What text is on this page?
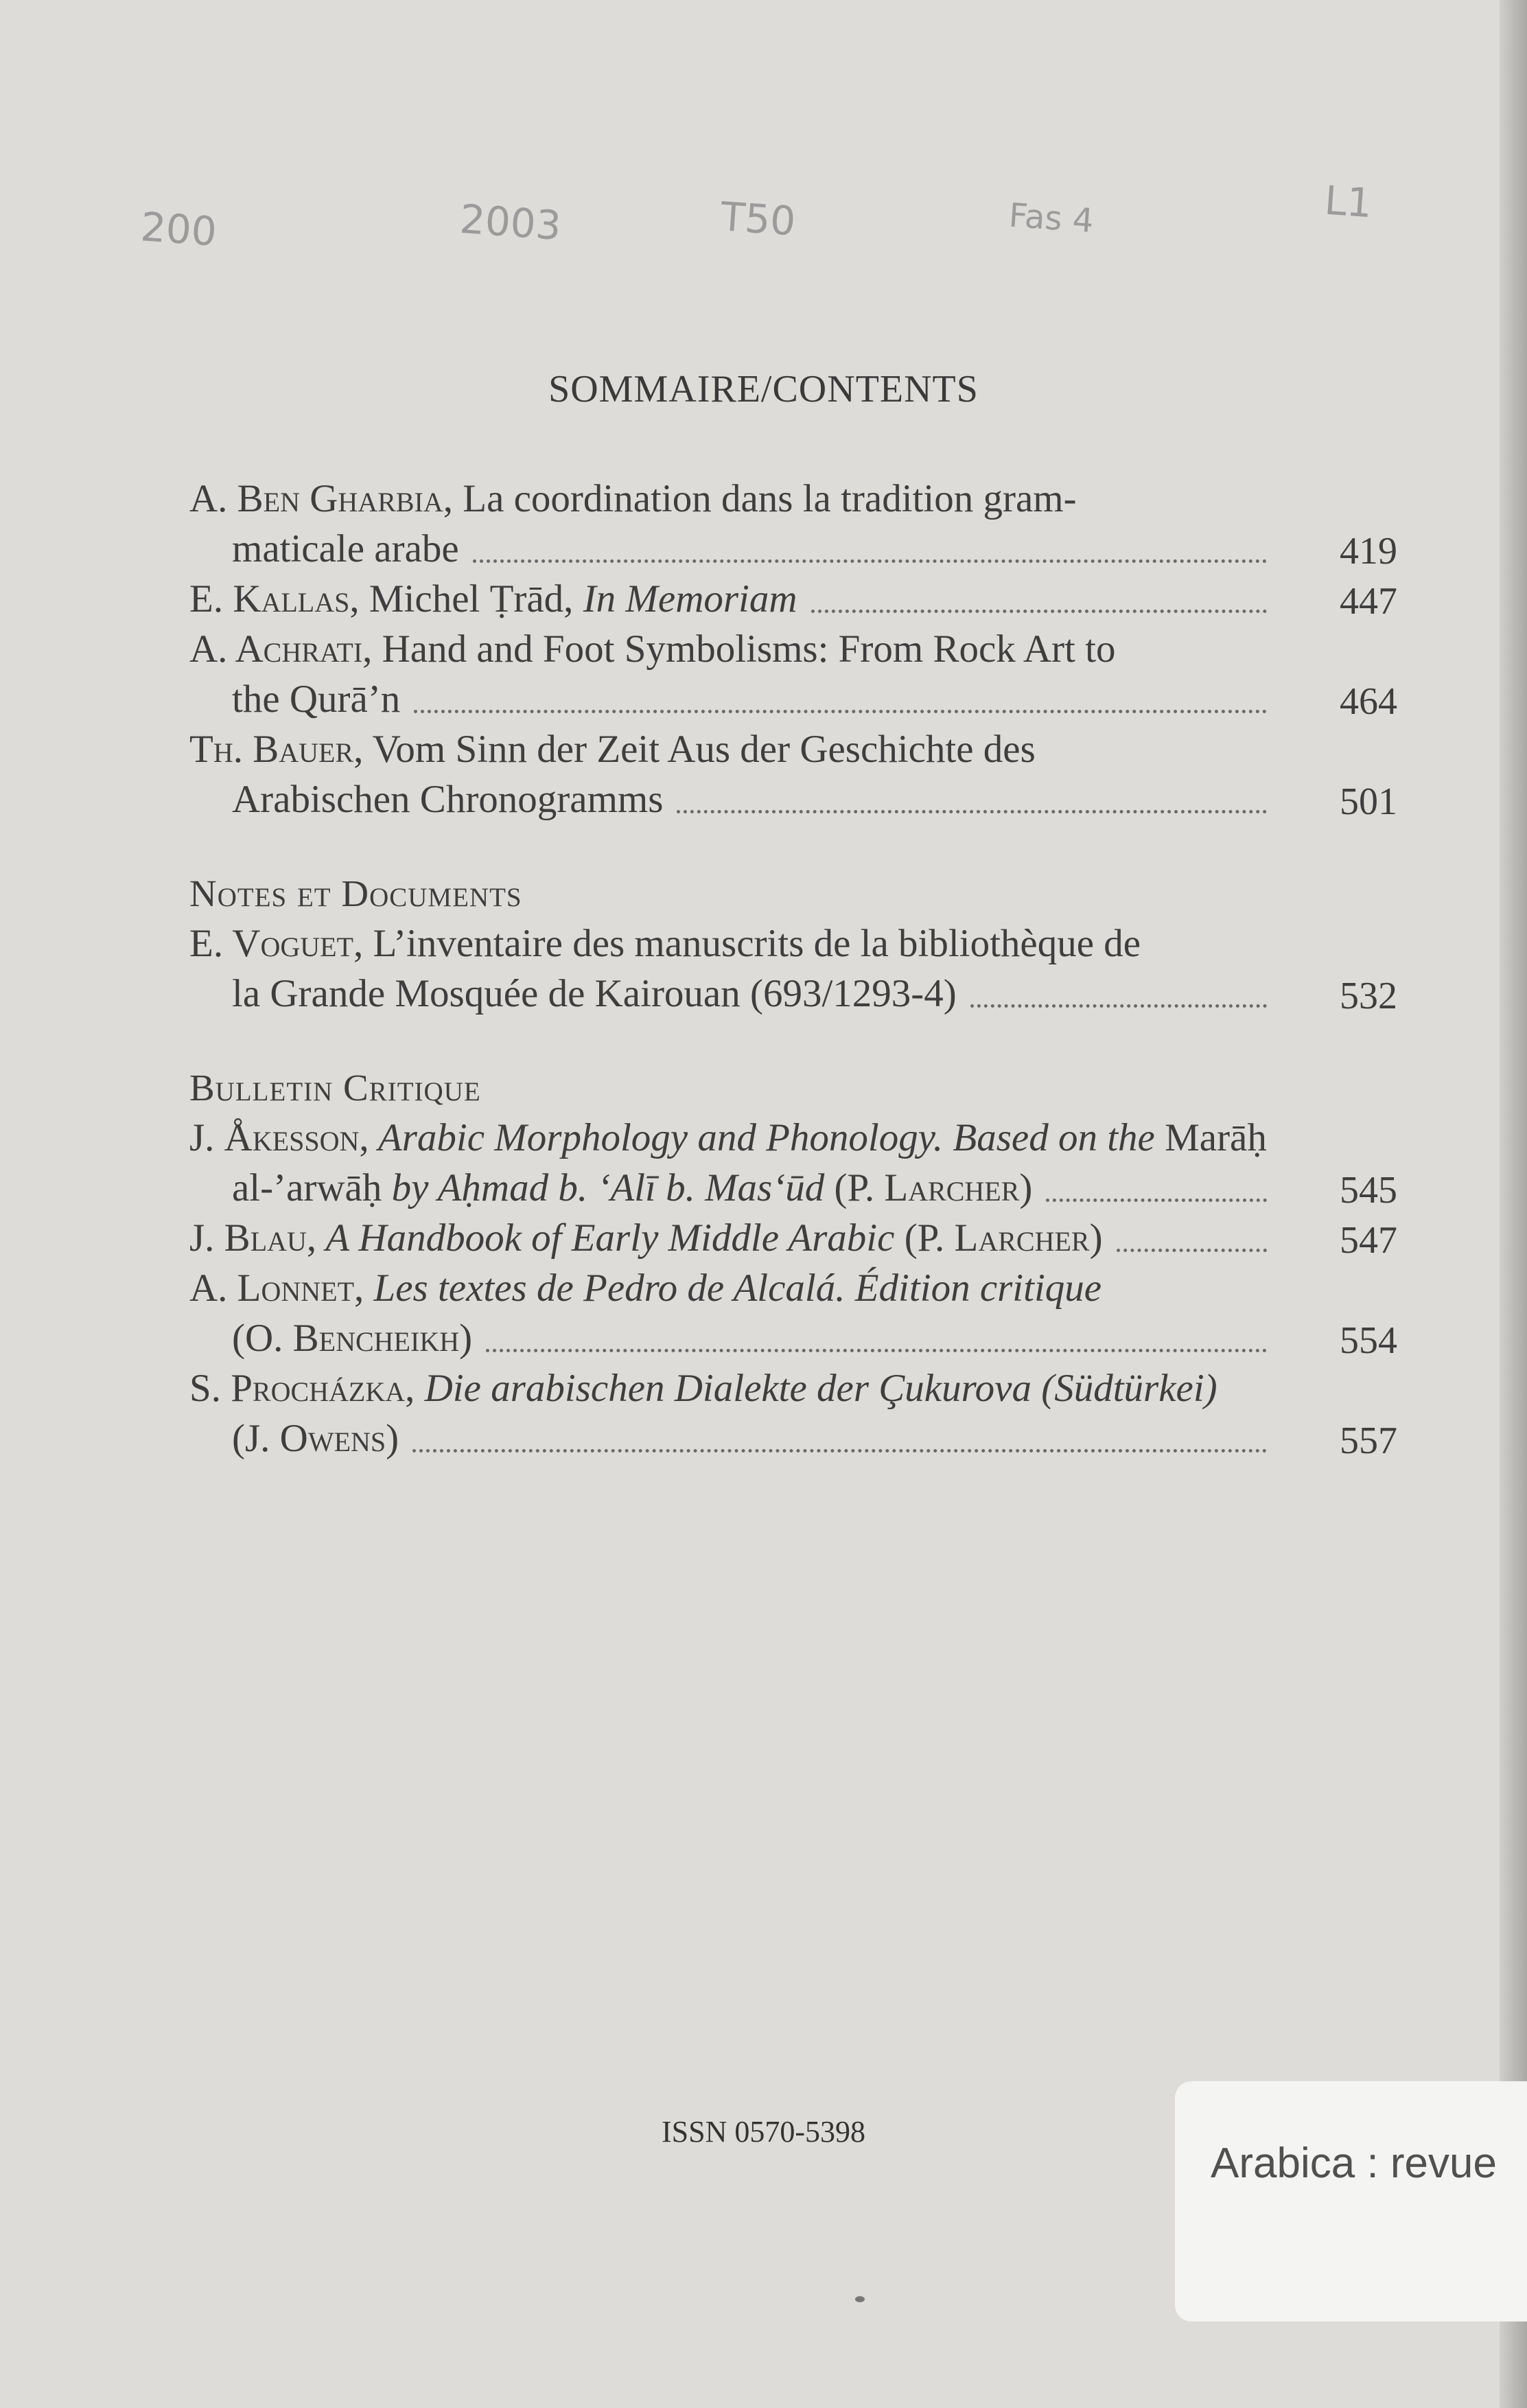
200	2003	T50	Fas 4	L1
SOMMAIRE/CONTENTS
A. Ben Gharbia, La coordination dans la tradition gram-
maticale arabe	419
E. Kallas, Michel Ṭrād, In Memoriam	447
A. Achrati, Hand and Foot Symbolisms: From Rock Art to
the Qurā’n	464
Th. Bauer, Vom Sinn der Zeit Aus der Geschichte des
Arabischen Chronogramms	501
Notes et Documents
E. Voguet, L’inventaire des manuscrits de la bibliothèque de
la Grande Mosquée de Kairouan (693/1293-4)	532
Bulletin Critique
J. Åkesson, Arabic Morphology and Phonology. Based on the Marāḥ
al-’arwāḥ by Aḥmad b. ‘Alī b. Mas‘ūd (P. Larcher)	545
J. Blau, A Handbook of Early Middle Arabic (P. Larcher)	547
A. Lonnet, Les textes de Pedro de Alcalá. Édition critique
(O. Bencheikh)	554
S. Procházka, Die arabischen Dialekte der Çukurova (Südtürkei)
(J. Owens)	557
ISSN 0570-5398
Arabica : revue
